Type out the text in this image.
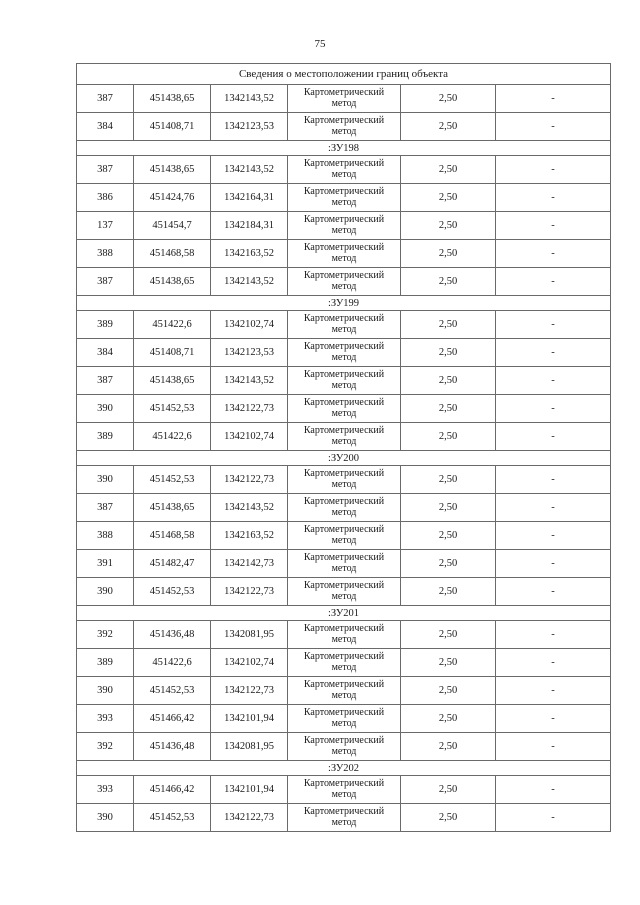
75
Сведения о местоположении границ объекта					
387	451438,65	1342143,52	Картометрический
метод	2,50	-
384	451408,71	1342123,53	Картометрический
метод	2,50	-
:ЗУ198					
387	451438,65	1342143,52	Картометрический
метод	2,50	-
386	451424,76	1342164,31	Картометрический
метод	2,50	-
137	451454,7	1342184,31	Картометрический
метод	2,50	-
388	451468,58	1342163,52	Картометрический
метод	2,50	-
387	451438,65	1342143,52	Картометрический
метод	2,50	-
:ЗУ199					
389	451422,6	1342102,74	Картометрический
метод	2,50	-
384	451408,71	1342123,53	Картометрический
метод	2,50	-
387	451438,65	1342143,52	Картометрический
метод	2,50	-
390	451452,53	1342122,73	Картометрический
метод	2,50	-
389	451422,6	1342102,74	Картометрический
метод	2,50	-
:ЗУ200					
390	451452,53	1342122,73	Картометрический
метод	2,50	-
387	451438,65	1342143,52	Картометрический
метод	2,50	-
388	451468,58	1342163,52	Картометрический
метод	2,50	-
391	451482,47	1342142,73	Картометрический
метод	2,50	-
390	451452,53	1342122,73	Картометрический
метод	2,50	-
:ЗУ201					
392	451436,48	1342081,95	Картометрический
метод	2,50	-
389	451422,6	1342102,74	Картометрический
метод	2,50	-
390	451452,53	1342122,73	Картометрический
метод	2,50	-
393	451466,42	1342101,94	Картометрический
метод	2,50	-
392	451436,48	1342081,95	Картометрический
метод	2,50	-
:ЗУ202					
393	451466,42	1342101,94	Картометрический
метод	2,50	-
390	451452,53	1342122,73	Картометрический
метод	2,50	-
